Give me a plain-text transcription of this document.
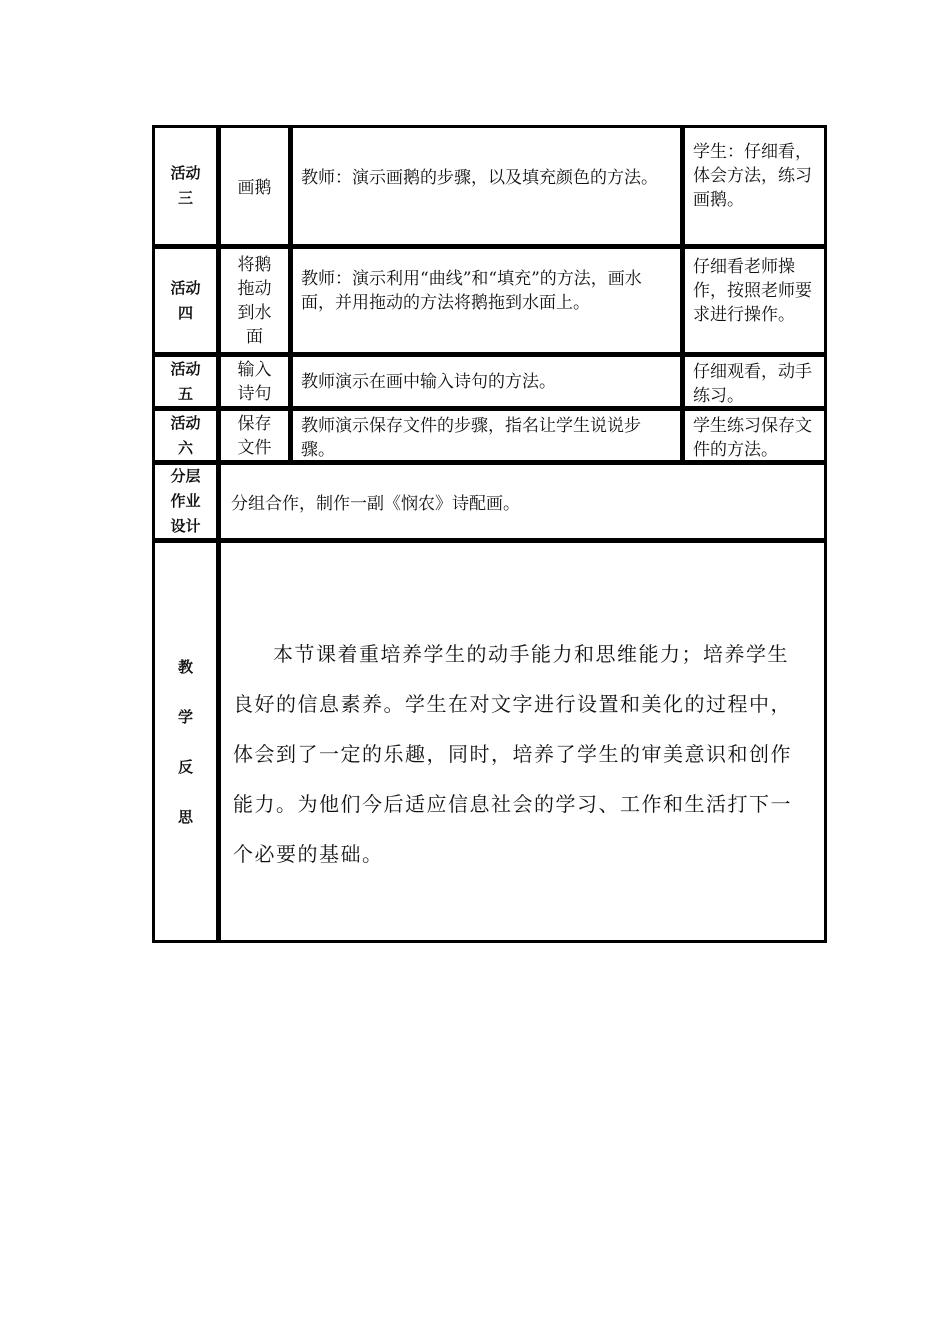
活动
三	画鹅 教师：演示画鹅的步骤，以及填充颜色的方法。
学生：仔细看，体会方法，练习画鹅。
活动
四
将鹅
拖动
到水
面
教师：演示利用“曲线”和“填充”的方法，画水面，并用拖动的方法将鹅拖到水面上。
仔细看老师操作，按照老师要求进行操作。
活动
五
输入
诗句
教师演示在画中输入诗句的方法。	仔细观看，动手练习。
活动
六
保存
文件
教师演示保存文件的步骤，指名让学生说说步骤。
学生练习保存文件的方法。
分层
作业
设计
分组合作，制作一副《悯农》诗配画。
教
学
反
思

本节课着重培养学生的动手能力和思维能力；培养学生良好的信息素养。学生在对文字进行设置和美化的过程中，体会到了一定的乐趣，同时，培养了学生的审美意识和创作能力。为他们今后适应信息社会的学习、工作和生活打下一个必要的基础。
